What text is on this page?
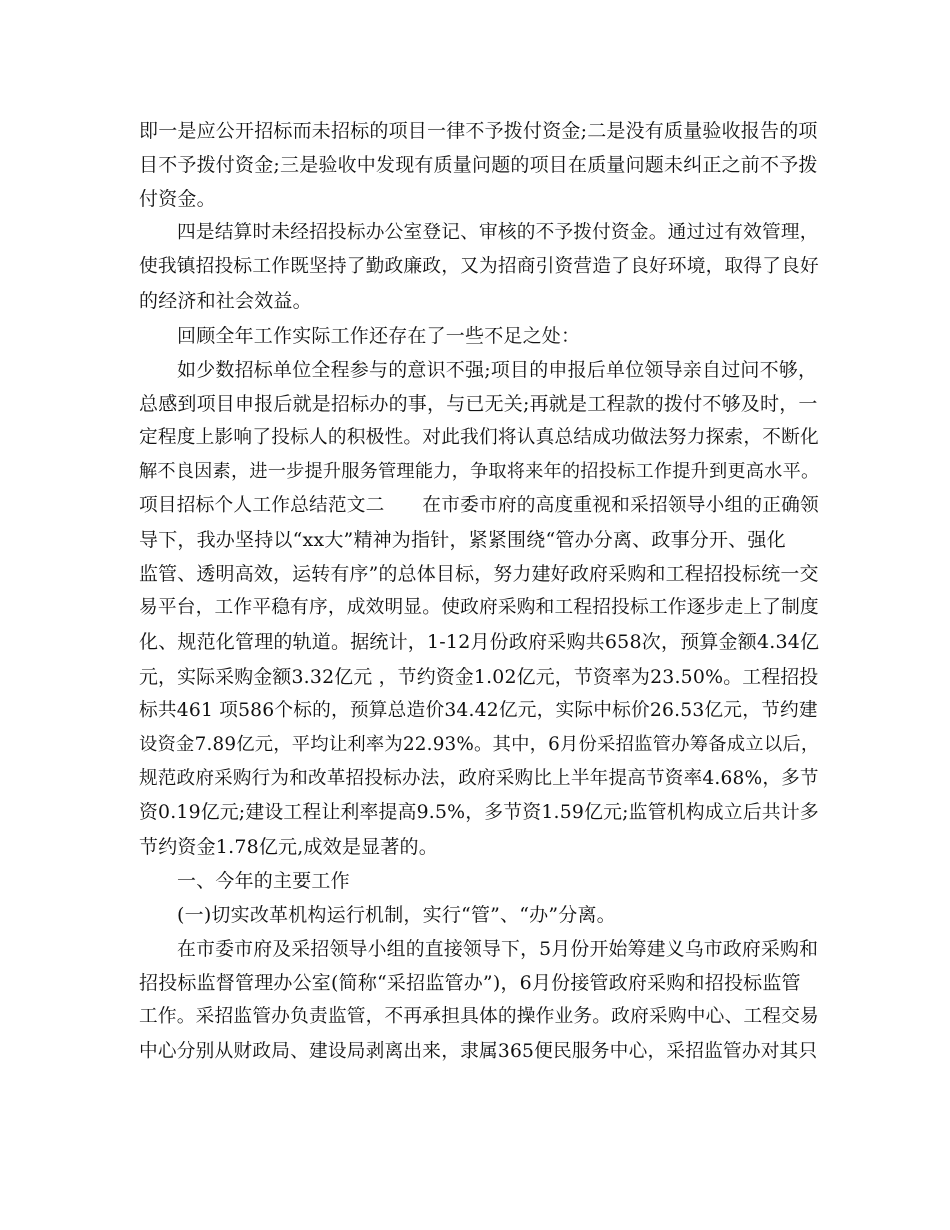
即一是应公开招标而未招标的项目一律不予拨付资金;二是没有质量验收报告的项
目不予拨付资金;三是验收中发现有质量问题的项目在质量问题未纠正之前不予拨
付资金。
四是结算时未经招投标办公室登记、审核的不予拨付资金。通过过有效管理，
使我镇招投标工作既坚持了勤政廉政，又为招商引资营造了良好环境，取得了良好
的经济和社会效益。
回顾全年工作实际工作还存在了一些不足之处：
如少数招标单位全程参与的意识不强;项目的申报后单位领导亲自过问不够，
总感到项目申报后就是招标办的事，与已无关;再就是工程款的拨付不够及时，一
定程度上影响了投标人的积极性。对此我们将认真总结成功做法努力探索，不断化
解不良因素，进一步提升服务管理能力，争取将来年的招投标工作提升到更高水平。
项目招标个人工作总结范文二　　在市委市府的高度重视和采招领导小组的正确领
导下，我办坚持以“xx大”精神为指针，紧紧围绕“管办分离、政事分开、强化
监管、透明高效，运转有序”的总体目标，努力建好政府采购和工程招投标统一交
易平台，工作平稳有序，成效明显。使政府采购和工程招投标工作逐步走上了制度
化、规范化管理的轨道。据统计，1-12月份政府采购共658次，预算金额4.34亿
元，实际采购金额3.32亿元 ，节约资金1.02亿元，节资率为23.50%。工程招投
标共461 项586个标的，预算总造价34.42亿元，实际中标价26.53亿元，节约建
设资金7.89亿元，平均让利率为22.93%。其中，6月份采招监管办筹备成立以后，
规范政府采购行为和改革招投标办法，政府采购比上半年提高节资率4.68%，多节
资0.19亿元;建设工程让利率提高9.5%，多节资1.59亿元;监管机构成立后共计多
节约资金1.78亿元,成效是显著的。
一、今年的主要工作
(一)切实改革机构运行机制，实行“管”、“办”分离。
在市委市府及采招领导小组的直接领导下，5月份开始筹建义乌市政府采购和
招投标监督管理办公室(简称“采招监管办”)，6月份接管政府采购和招投标监管
工作。采招监管办负责监管，不再承担具体的操作业务。政府采购中心、工程交易
中心分别从财政局、建设局剥离出来，隶属365便民服务中心，采招监管办对其只
